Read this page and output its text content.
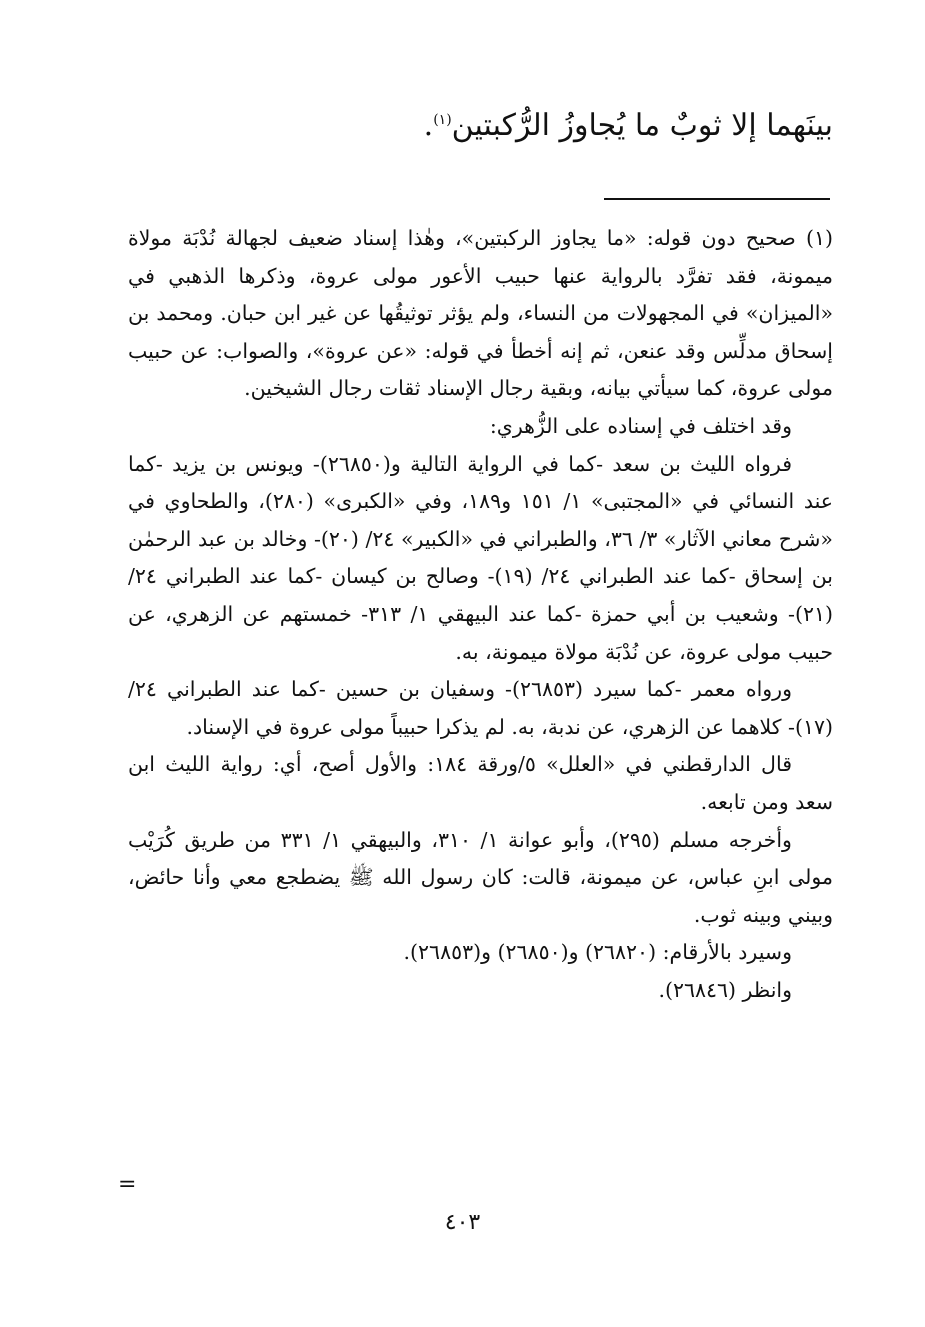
بينَهما إلا ثوبٌ ما يُجاوزُ الرُّكبتين$^{(١)}$.

(١) صحيح دون قوله: «ما يجاوز الركبتين»، وهٰذا إسناد ضعيف لجهالة نُدْبَة مولاة ميمونة، فقد تفرَّد بالرواية عنها حبيب الأعور مولى عروة، وذكرها الذهبي في «الميزان» في المجهولات من النساء، ولم يؤثر توثيقُها عن غير ابن حبان. ومحمد بن إسحاق مدلِّس وقد عنعن، ثم إنه أخطأ في قوله: «عن عروة»، والصواب: عن حبيب مولى عروة، كما سيأتي بيانه، وبقية رجال الإسناد ثقات رجال الشيخين.

وقد اختلف في إسناده على الزُّهري:

فرواه الليث بن سعد -كما في الرواية التالية و(٢٦٨٥٠)- ويونس بن يزيد -كما عند النسائي في «المجتبى» ١/ ١٥١ و١٨٩، وفي «الكبرى» (٢٨٠)، والطحاوي في «شرح معاني الآثار» ٣/ ٣٦، والطبراني في «الكبير» ٢٤/ (٢٠)- وخالد بن عبد الرحمٰن بن إسحاق -كما عند الطبراني ٢٤/ (١٩)- وصالح بن كيسان -كما عند الطبراني ٢٤/ (٢١)- وشعيب بن أبي حمزة -كما عند البيهقي ١/ ٣١٣- خمستهم عن الزهري، عن حبيب مولى عروة، عن نُدْبَة مولاة ميمونة، به.

ورواه معمر -كما سيرد (٢٦٨٥٣)- وسفيان بن حسين -كما عند الطبراني ٢٤/ (١٧)- كلاهما عن الزهري، عن ندبة، به. لم يذكرا حبيباً مولى عروة في الإسناد.

قال الدارقطني في «العلل» ٥/ورقة ١٨٤: والأول أصح، أي: رواية الليث ابن سعد ومن تابعه.

وأخرجه مسلم (٢٩٥)، وأبو عوانة ١/ ٣١٠، والبيهقي ١/ ٣٣١ من طريق كُرَيْب مولى ابنِ عباس، عن ميمونة، قالت: كان رسول الله ﷺ يضطجع معي وأنا حائض، وبيني وبينه ثوب.

وسيرد بالأرقام: (٢٦٨٢٠) و(٢٦٨٥٠) و(٢٦٨٥٣).

وانظر (٢٦٨٤٦).

=
٤٠٣
